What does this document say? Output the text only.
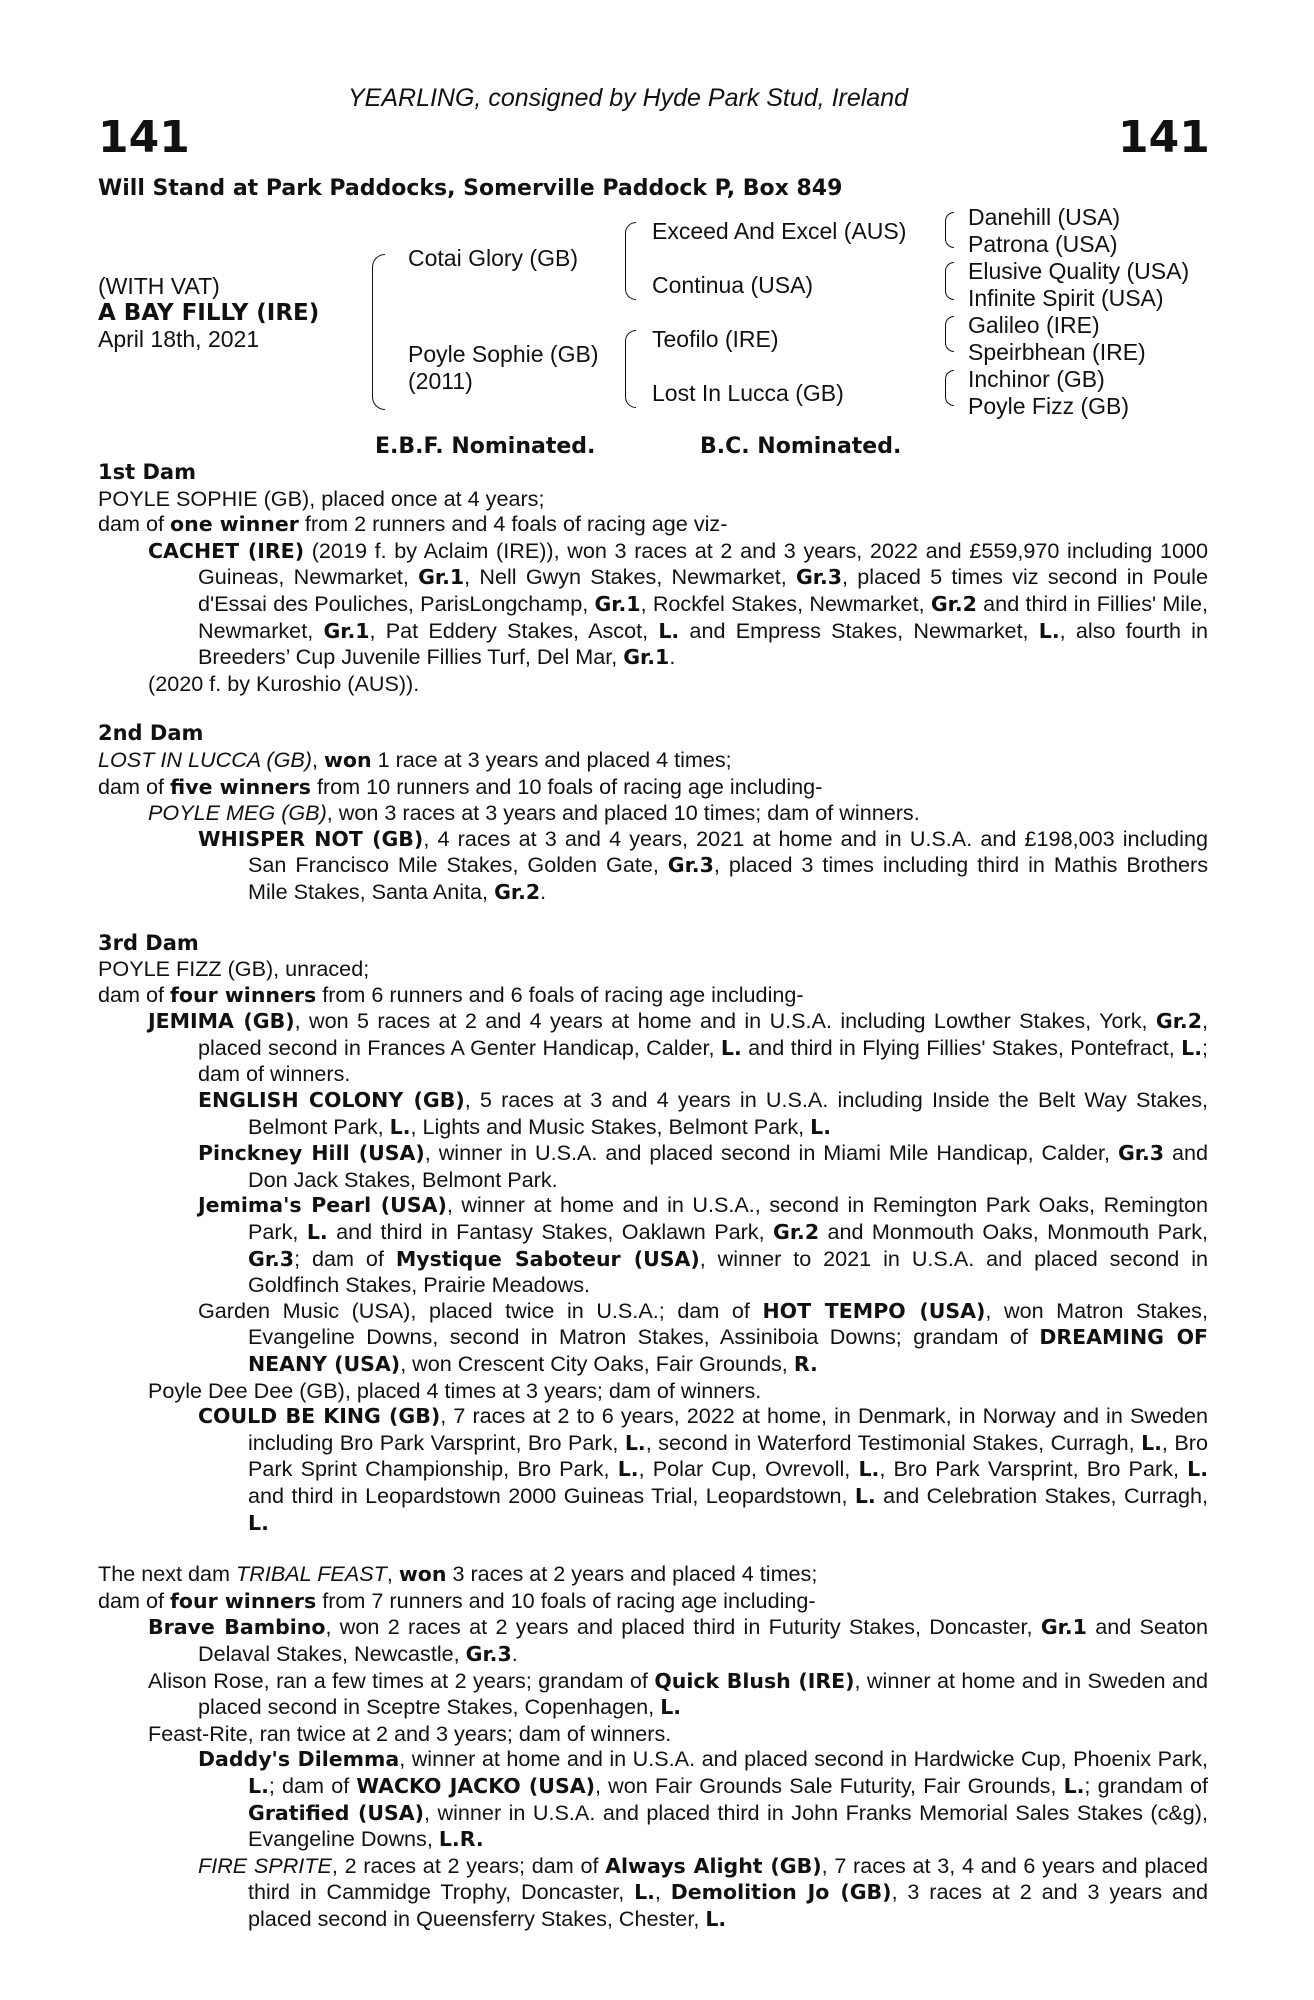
YEARLING, consigned by Hyde Park Stud, Ireland
141	141
Will Stand at Park Paddocks, Somerville Paddock P, Box 849
(WITH VAT)
A BAY FILLY (IRE)
April 18th, 2021
Cotai Glory (GB)
Poyle Sophie (GB)
(2011)
Exceed And Excel (AUS)
Continua (USA)
Teofilo (IRE)
Lost In Lucca (GB)
Danehill (USA)
Patrona (USA)
Elusive Quality (USA)
Infinite Spirit (USA)
Galileo (IRE)
Speirbhean (IRE)
Inchinor (GB)
Poyle Fizz (GB)
E.B.F. Nominated.	B.C. Nominated.
1st Dam
POYLE SOPHIE (GB), placed once at 4 years;
dam of one winner from 2 runners and 4 foals of racing age viz-
CACHET (IRE) (2019 f. by Aclaim (IRE)), won 3 races at 2 and 3 years, 2022 and £559,970 including 1000 Guineas, Newmarket, Gr.1, Nell Gwyn Stakes, Newmarket, Gr.3, placed 5 times viz second in Poule d'Essai des Pouliches, ParisLongchamp, Gr.1, Rockfel Stakes, Newmarket, Gr.2 and third in Fillies' Mile, Newmarket, Gr.1, Pat Eddery Stakes, Ascot, L. and Empress Stakes, Newmarket, L., also fourth in Breeders’ Cup Juvenile Fillies Turf, Del Mar, Gr.1.
(2020 f. by Kuroshio (AUS)).
2nd Dam
LOST IN LUCCA (GB), won 1 race at 3 years and placed 4 times;
dam of five winners from 10 runners and 10 foals of racing age including-
POYLE MEG (GB), won 3 races at 3 years and placed 10 times; dam of winners.
WHISPER NOT (GB), 4 races at 3 and 4 years, 2021 at home and in U.S.A. and £198,003 including San Francisco Mile Stakes, Golden Gate, Gr.3, placed 3 times including third in Mathis Brothers Mile Stakes, Santa Anita, Gr.2.
3rd Dam
POYLE FIZZ (GB), unraced;
dam of four winners from 6 runners and 6 foals of racing age including-
JEMIMA (GB), won 5 races at 2 and 4 years at home and in U.S.A. including Lowther Stakes, York, Gr.2, placed second in Frances A Genter Handicap, Calder, L. and third in Flying Fillies' Stakes, Pontefract, L.; dam of winners.
ENGLISH COLONY (GB), 5 races at 3 and 4 years in U.S.A. including Inside the Belt Way Stakes, Belmont Park, L., Lights and Music Stakes, Belmont Park, L.
Pinckney Hill (USA), winner in U.S.A. and placed second in Miami Mile Handicap, Calder, Gr.3 and Don Jack Stakes, Belmont Park.
Jemima's Pearl (USA), winner at home and in U.S.A., second in Remington Park Oaks, Remington Park, L. and third in Fantasy Stakes, Oaklawn Park, Gr.2 and Monmouth Oaks, Monmouth Park, Gr.3; dam of Mystique Saboteur (USA), winner to 2021 in U.S.A. and placed second in Goldfinch Stakes, Prairie Meadows.
Garden Music (USA), placed twice in U.S.A.; dam of HOT TEMPO (USA), won Matron Stakes, Evangeline Downs, second in Matron Stakes, Assiniboia Downs; grandam of DREAMING OF NEANY (USA), won Crescent City Oaks, Fair Grounds, R.
Poyle Dee Dee (GB), placed 4 times at 3 years; dam of winners.
COULD BE KING (GB), 7 races at 2 to 6 years, 2022 at home, in Denmark, in Norway and in Sweden including Bro Park Varsprint, Bro Park, L., second in Waterford Testimonial Stakes, Curragh, L., Bro Park Sprint Championship, Bro Park, L., Polar Cup, Ovrevoll, L., Bro Park Varsprint, Bro Park, L. and third in Leopardstown 2000 Guineas Trial, Leopardstown, L. and Celebration Stakes, Curragh, L.
The next dam TRIBAL FEAST, won 3 races at 2 years and placed 4 times;
dam of four winners from 7 runners and 10 foals of racing age including-
Brave Bambino, won 2 races at 2 years and placed third in Futurity Stakes, Doncaster, Gr.1 and Seaton Delaval Stakes, Newcastle, Gr.3.
Alison Rose, ran a few times at 2 years; grandam of Quick Blush (IRE), winner at home and in Sweden and placed second in Sceptre Stakes, Copenhagen, L.
Feast-Rite, ran twice at 2 and 3 years; dam of winners.
Daddy's Dilemma, winner at home and in U.S.A. and placed second in Hardwicke Cup, Phoenix Park, L.; dam of WACKO JACKO (USA), won Fair Grounds Sale Futurity, Fair Grounds, L.; grandam of Gratified (USA), winner in U.S.A. and placed third in John Franks Memorial Sales Stakes (c&g), Evangeline Downs, L.R.
FIRE SPRITE, 2 races at 2 years; dam of Always Alight (GB), 7 races at 3, 4 and 6 years and placed third in Cammidge Trophy, Doncaster, L., Demolition Jo (GB), 3 races at 2 and 3 years and placed second in Queensferry Stakes, Chester, L.
